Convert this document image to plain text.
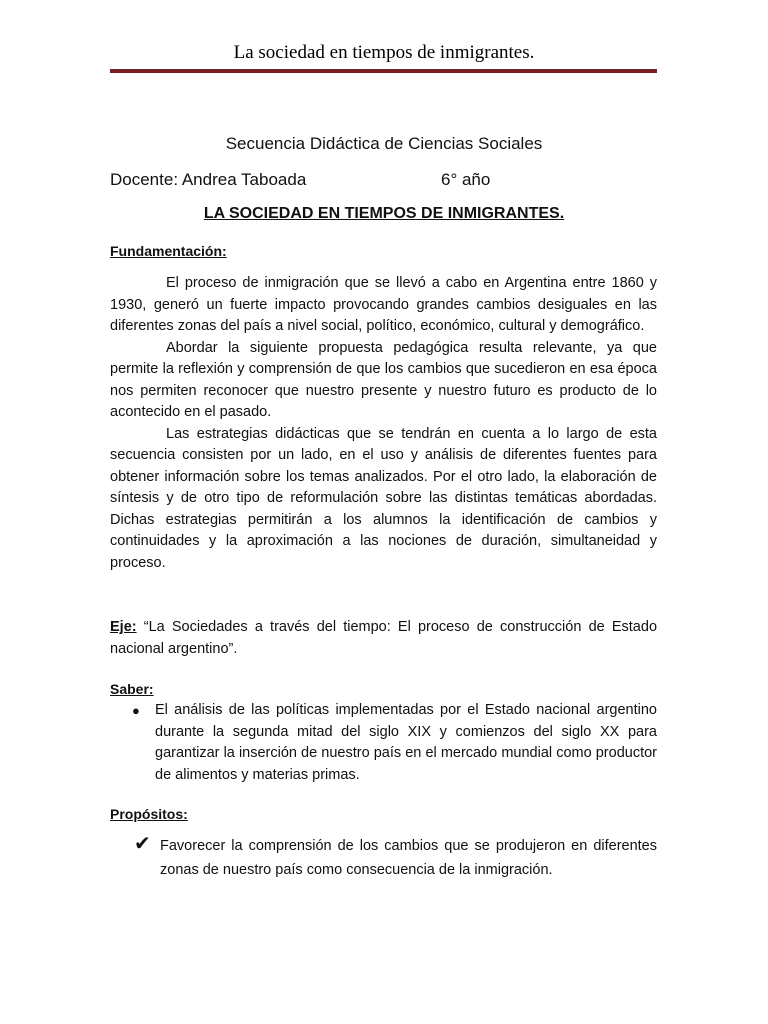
La sociedad en tiempos de inmigrantes.
Secuencia Didáctica de Ciencias Sociales
Docente: Andrea Taboada	6° año
LA SOCIEDAD EN TIEMPOS DE INMIGRANTES.
Fundamentación:

El proceso de inmigración que se llevó a cabo en Argentina entre 1860 y 1930, generó un fuerte impacto provocando grandes cambios desiguales en las diferentes zonas del país a nivel social, político, económico, cultural y demográfico.

Abordar la siguiente propuesta pedagógica resulta relevante, ya que permite la reflexión y comprensión de que los cambios que sucedieron en esa época nos permiten reconocer que nuestro presente y nuestro futuro es producto de lo acontecido en el pasado.

Las estrategias didácticas que se tendrán en cuenta a lo largo de esta secuencia consisten por un lado, en el uso y análisis de diferentes fuentes para obtener información sobre los temas analizados. Por el otro lado, la elaboración de síntesis y de otro tipo de reformulación sobre las distintas temáticas abordadas. Dichas estrategias permitirán a los alumnos la identificación de cambios y continuidades y la aproximación a las nociones de duración, simultaneidad y proceso.

Eje: “La Sociedades a través del tiempo: El proceso de construcción de Estado nacional argentino”.

Saber:
● El análisis de las políticas implementadas por el Estado nacional argentino durante la segunda mitad del siglo XIX y comienzos del siglo XX para garantizar la inserción de nuestro país en el mercado mundial como productor de alimentos y materias primas.
Propósitos:
✔ Favorecer la comprensión de los cambios que se produjeron en diferentes zonas de nuestro país como consecuencia de la inmigración.
